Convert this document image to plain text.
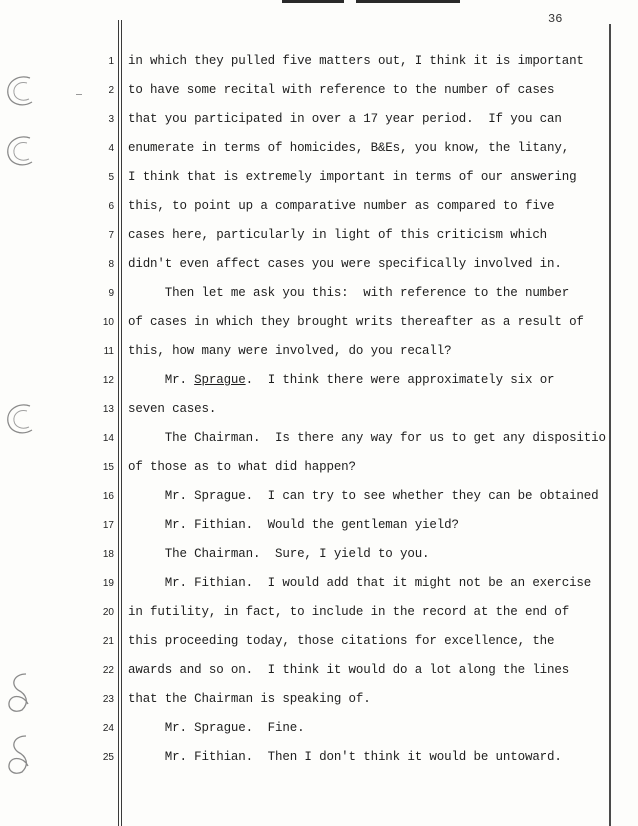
36
1
2
3
4
5
6
7
8
9
10
11
12
13
14
15
16
17
18
19
20
21
22
23
24
25
in which they pulled five matters out, I think it is important
to have some recital with reference to the number of cases
that you participated in over a 17 year period.  If you can
enumerate in terms of homicides, B&Es, you know, the litany,
I think that is extremely important in terms of our answering
this, to point up a comparative number as compared to five
cases here, particularly in light of this criticism which
didn't even affect cases you were specifically involved in.
Then let me ask you this:  with reference to the number
of cases in which they brought writs thereafter as a result of
this, how many were involved, do you recall?
Mr. Sprague.  I think there were approximately six or
seven cases.
The Chairman.  Is there any way for us to get any dispositio
of those as to what did happen?
Mr. Sprague.  I can try to see whether they can be obtained
Mr. Fithian.  Would the gentleman yield?
The Chairman.  Sure, I yield to you.
Mr. Fithian.  I would add that it might not be an exercise
in futility, in fact, to include in the record at the end of
this proceeding today, those citations for excellence, the
awards and so on.  I think it would do a lot along the lines
that the Chairman is speaking of.
Mr. Sprague.  Fine.
Mr. Fithian.  Then I don't think it would be untoward.
